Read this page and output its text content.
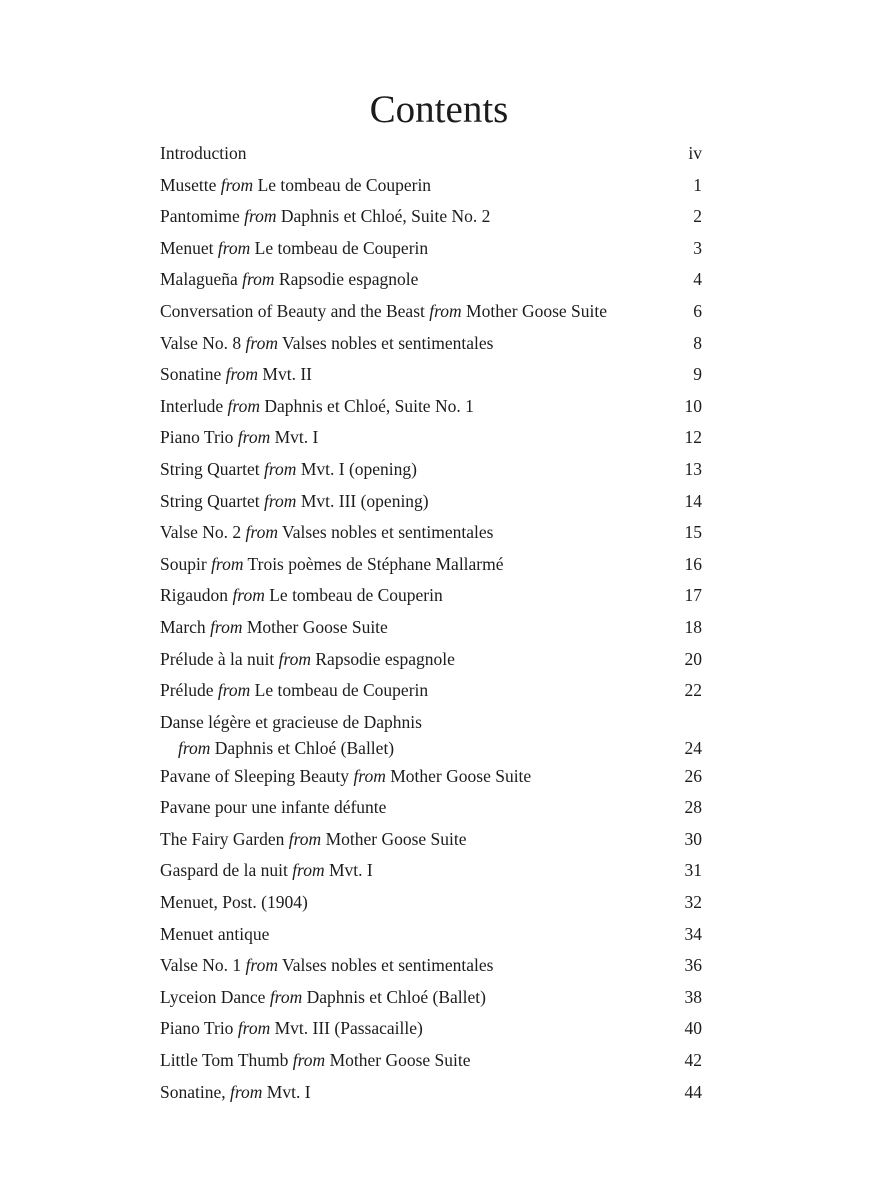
Contents
Introduction	iv
Musette from Le tombeau de Couperin	1
Pantomime from Daphnis et Chloé, Suite No. 2	2
Menuet from Le tombeau de Couperin	3
Malagueña from Rapsodie espagnole	4
Conversation of Beauty and the Beast from Mother Goose Suite	6
Valse No. 8 from Valses nobles et sentimentales	8
Sonatine from Mvt. II	9
Interlude from Daphnis et Chloé, Suite No. 1	10
Piano Trio from Mvt. I	12
String Quartet from Mvt. I (opening)	13
String Quartet from Mvt. III (opening)	14
Valse No. 2 from Valses nobles et sentimentales	15
Soupir from Trois poèmes de Stéphane Mallarmé	16
Rigaudon from Le tombeau de Couperin	17
March from Mother Goose Suite	18
Prélude à la nuit from Rapsodie espagnole	20
Prélude from Le tombeau de Couperin	22
Danse légère et gracieuse de Daphnis
from Daphnis et Chloé (Ballet)	24
Pavane of Sleeping Beauty from Mother Goose Suite	26
Pavane pour une infante défunte	28
The Fairy Garden from Mother Goose Suite	30
Gaspard de la nuit from Mvt. I	31
Menuet, Post. (1904)	32
Menuet antique	34
Valse No. 1 from Valses nobles et sentimentales	36
Lyceion Dance from Daphnis et Chloé (Ballet)	38
Piano Trio from Mvt. III (Passacaille)	40
Little Tom Thumb from Mother Goose Suite	42
Sonatine, from Mvt. I	44
